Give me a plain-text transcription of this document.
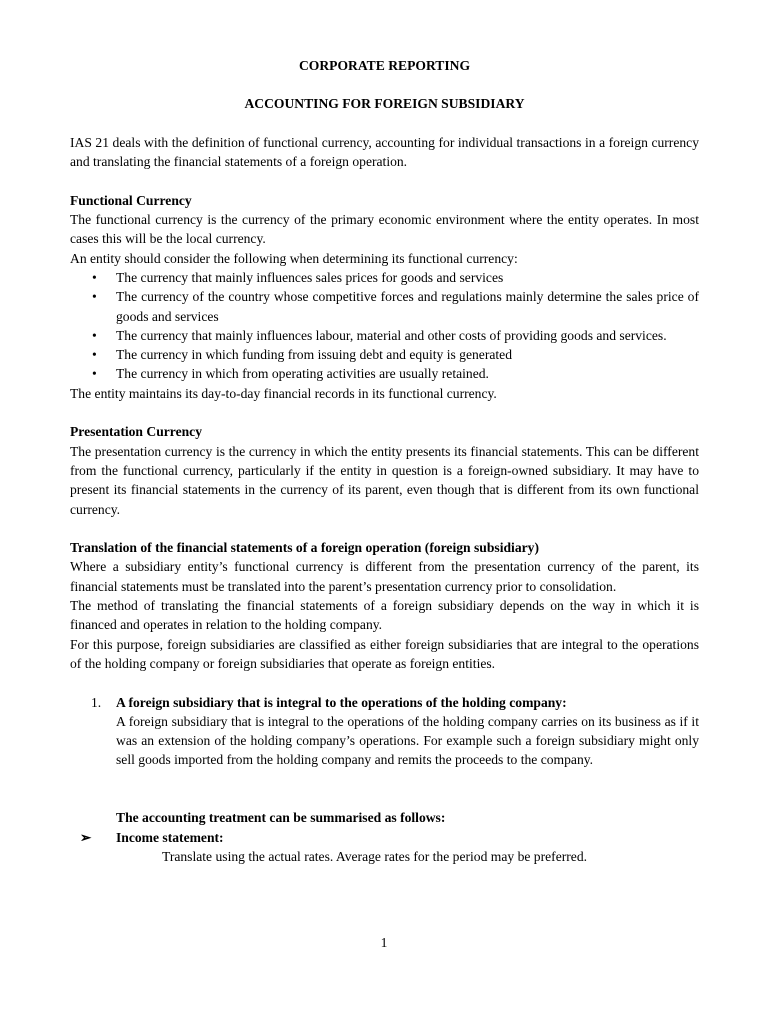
CORPORATE REPORTING

ACCOUNTING FOR FOREIGN SUBSIDIARY

IAS 21 deals with the definition of functional currency, accounting for individual transactions in a foreign currency and translating the financial statements of a foreign operation.

Functional Currency

The functional currency is the currency of the primary economic environment where the entity operates. In most cases this will be the local currency.

An entity should consider the following when determining its functional currency:

• The currency that mainly influences sales prices for goods and services
• The currency of the country whose competitive forces and regulations mainly determine the sales price of goods and services
• The currency that mainly influences labour, material and other costs of providing goods and services.
• The currency in which funding from issuing debt and equity is generated
• The currency in which from operating activities are usually retained.

The entity maintains its day-to-day financial records in its functional currency.

Presentation Currency

The presentation currency is the currency in which the entity presents its financial statements. This can be different from the functional currency, particularly if the entity in question is a foreign-owned subsidiary. It may have to present its financial statements in the currency of its parent, even though that is different from its own functional currency.

Translation of the financial statements of a foreign operation (foreign subsidiary)

Where a subsidiary entity’s functional currency is different from the presentation currency of the parent, its financial statements must be translated into the parent’s presentation currency prior to consolidation.

The method of translating the financial statements of a foreign subsidiary depends on the way in which it is financed and operates in relation to the holding company.

For this purpose, foreign subsidiaries are classified as either foreign subsidiaries that are integral to the operations of the holding company or foreign subsidiaries that operate as foreign entities.

1. A foreign subsidiary that is integral to the operations of the holding company:

A foreign subsidiary that is integral to the operations of the holding company carries on its business as if it was an extension of the holding company’s operations. For example such a foreign subsidiary might only sell goods imported from the holding company and remits the proceeds to the company.

The accounting treatment can be summarised as follows:

➢ Income statement:

Translate using the actual rates. Average rates for the period may be preferred.

1
